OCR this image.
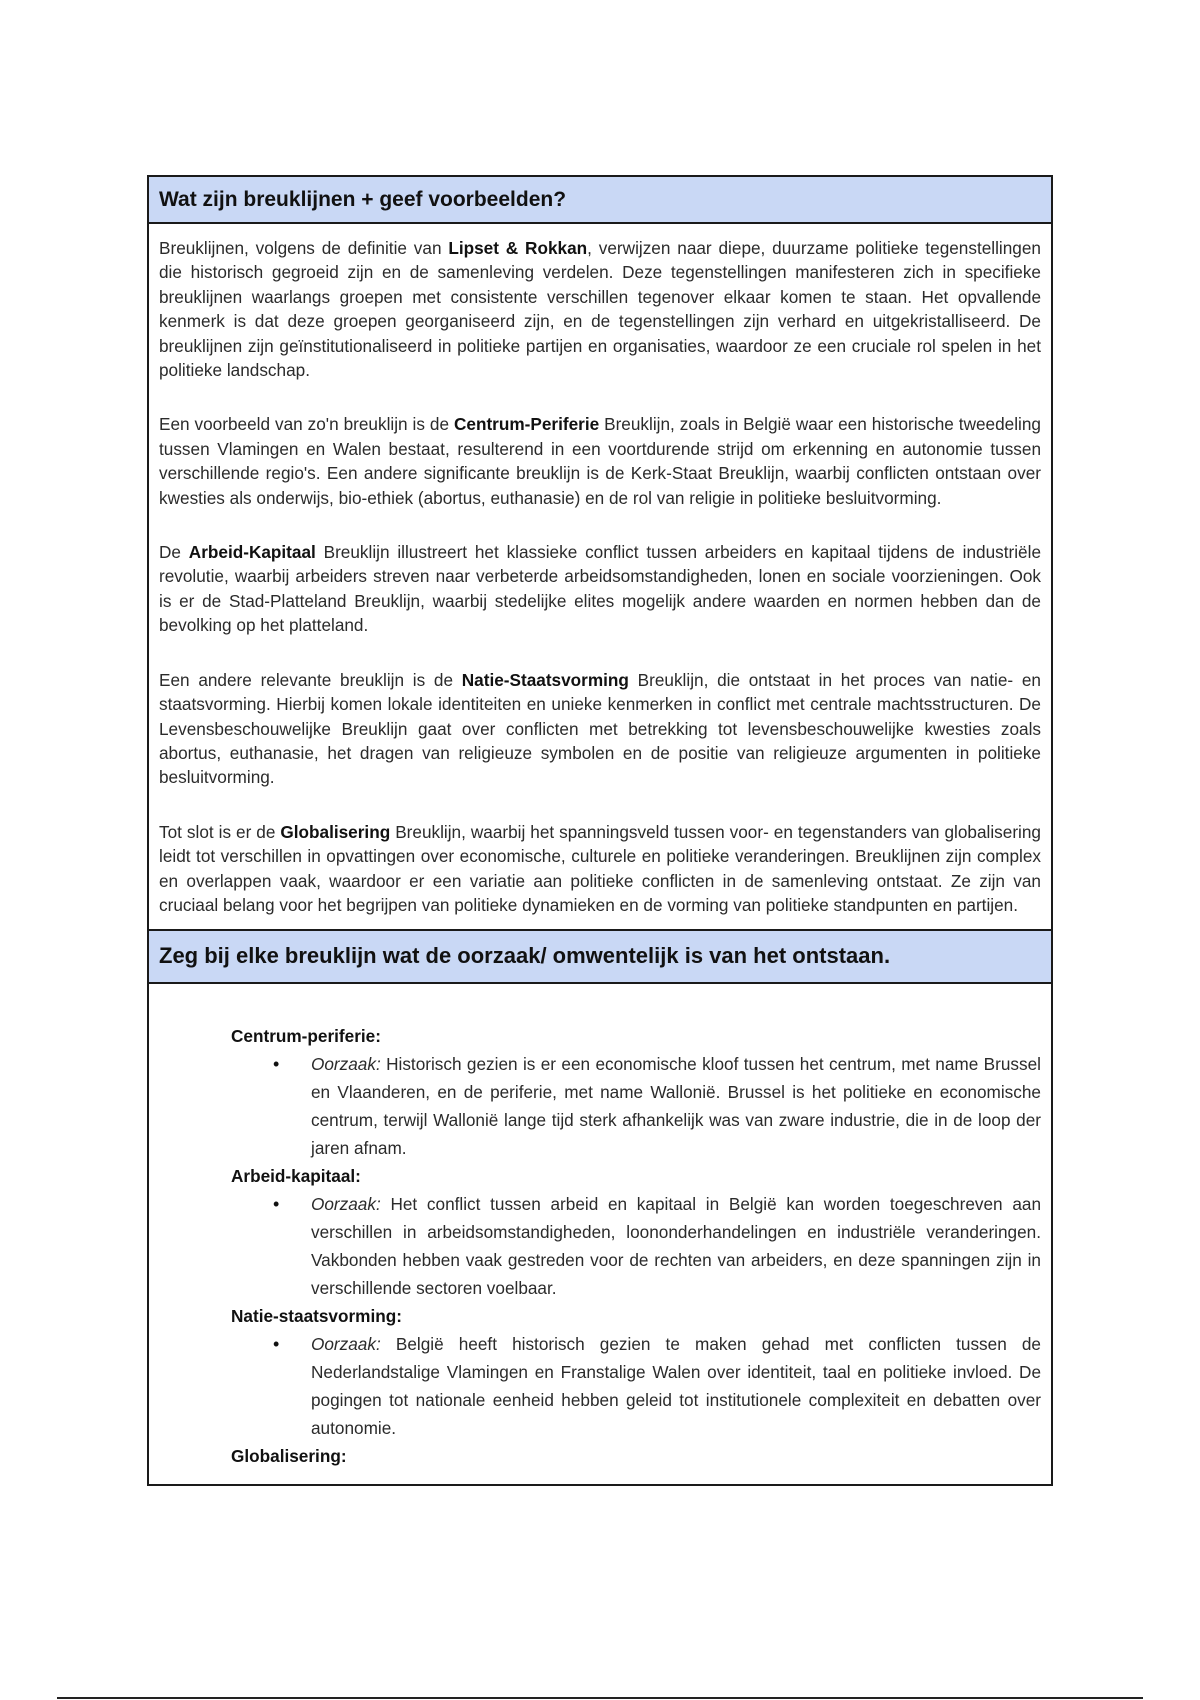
Wat zijn breuklijnen + geef voorbeelden?

Breuklijnen, volgens de definitie van Lipset & Rokkan, verwijzen naar diepe, duurzame politieke tegenstellingen die historisch gegroeid zijn en de samenleving verdelen. Deze tegenstellingen manifesteren zich in specifieke breuklijnen waarlangs groepen met consistente verschillen tegenover elkaar komen te staan. Het opvallende kenmerk is dat deze groepen georganiseerd zijn, en de tegenstellingen zijn verhard en uitgekristalliseerd. De breuklijnen zijn geïnstitutionaliseerd in politieke partijen en organisaties, waardoor ze een cruciale rol spelen in het politieke landschap.

Een voorbeeld van zo'n breuklijn is de Centrum-Periferie Breuklijn, zoals in België waar een historische tweedeling tussen Vlamingen en Walen bestaat, resulterend in een voortdurende strijd om erkenning en autonomie tussen verschillende regio's. Een andere significante breuklijn is de Kerk-Staat Breuklijn, waarbij conflicten ontstaan over kwesties als onderwijs, bio-ethiek (abortus, euthanasie) en de rol van religie in politieke besluitvorming.

De Arbeid-Kapitaal Breuklijn illustreert het klassieke conflict tussen arbeiders en kapitaal tijdens de industriële revolutie, waarbij arbeiders streven naar verbeterde arbeidsomstandigheden, lonen en sociale voorzieningen. Ook is er de Stad-Platteland Breuklijn, waarbij stedelijke elites mogelijk andere waarden en normen hebben dan de bevolking op het platteland.

Een andere relevante breuklijn is de Natie-Staatsvorming Breuklijn, die ontstaat in het proces van natie- en staatsvorming. Hierbij komen lokale identiteiten en unieke kenmerken in conflict met centrale machtsstructuren. De Levensbeschouwelijke Breuklijn gaat over conflicten met betrekking tot levensbeschouwelijke kwesties zoals abortus, euthanasie, het dragen van religieuze symbolen en de positie van religieuze argumenten in politieke besluitvorming.

Tot slot is er de Globalisering Breuklijn, waarbij het spanningsveld tussen voor- en tegenstanders van globalisering leidt tot verschillen in opvattingen over economische, culturele en politieke veranderingen. Breuklijnen zijn complex en overlappen vaak, waardoor er een variatie aan politieke conflicten in de samenleving ontstaat. Ze zijn van cruciaal belang voor het begrijpen van politieke dynamieken en de vorming van politieke standpunten en partijen.

Zeg bij elke breuklijn wat de oorzaak/ omwentelijk is van het ontstaan.
Centrum-periferie:
• Oorzaak: Historisch gezien is er een economische kloof tussen het centrum, met name Brussel en Vlaanderen, en de periferie, met name Wallonië. Brussel is het politieke en economische centrum, terwijl Wallonië lange tijd sterk afhankelijk was van zware industrie, die in de loop der jaren afnam.
Arbeid-kapitaal:
• Oorzaak: Het conflict tussen arbeid en kapitaal in België kan worden toegeschreven aan verschillen in arbeidsomstandigheden, loononderhandelingen en industriële veranderingen. Vakbonden hebben vaak gestreden voor de rechten van arbeiders, en deze spanningen zijn in verschillende sectoren voelbaar.
Natie-staatsvorming:
• Oorzaak: België heeft historisch gezien te maken gehad met conflicten tussen de Nederlandstalige Vlamingen en Franstalige Walen over identiteit, taal en politieke invloed. De pogingen tot nationale eenheid hebben geleid tot institutionele complexiteit en debatten over autonomie.
Globalisering:
